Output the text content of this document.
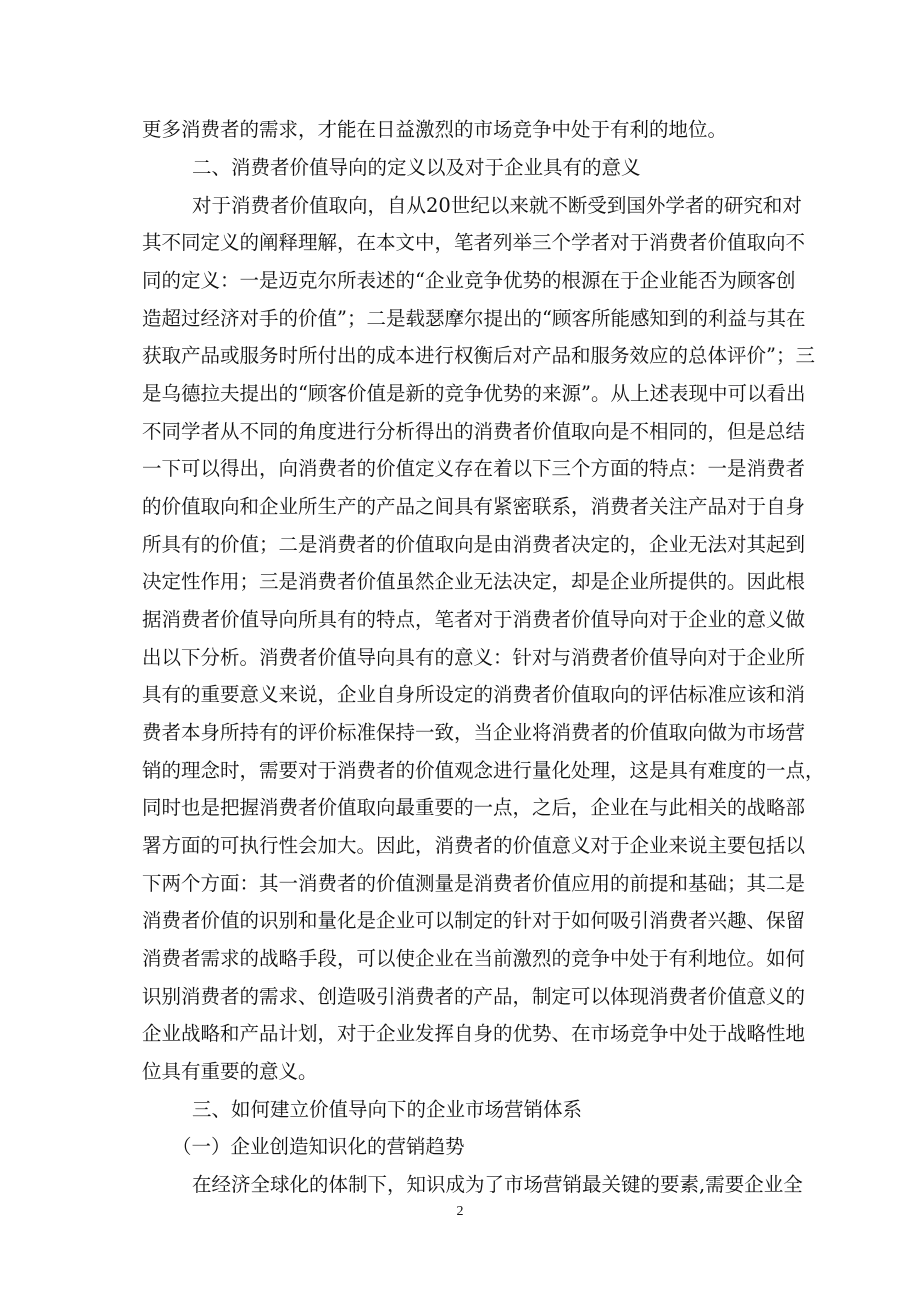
更多消费者的需求，才能在日益激烈的市场竞争中处于有利的地位。
二、消费者价值导向的定义以及对于企业具有的意义
对于消费者价值取向，自从20世纪以来就不断受到国外学者的研究和对
其不同定义的阐释理解，在本文中，笔者列举三个学者对于消费者价值取向不
同的定义：一是迈克尔所表述的“企业竞争优势的根源在于企业能否为顾客创
造超过经济对手的价值”；二是载瑟摩尔提出的“顾客所能感知到的利益与其在
获取产品或服务时所付出的成本进行权衡后对产品和服务效应的总体评价”；三
是乌德拉夫提出的“顾客价值是新的竞争优势的来源”。从上述表现中可以看出
不同学者从不同的角度进行分析得出的消费者价值取向是不相同的，但是总结
一下可以得出，向消费者的价值定义存在着以下三个方面的特点：一是消费者
的价值取向和企业所生产的产品之间具有紧密联系，消费者关注产品对于自身
所具有的价值；二是消费者的价值取向是由消费者决定的，企业无法对其起到
决定性作用；三是消费者价值虽然企业无法决定，却是企业所提供的。因此根
据消费者价值导向所具有的特点，笔者对于消费者价值导向对于企业的意义做
出以下分析。消费者价值导向具有的意义：针对与消费者价值导向对于企业所
具有的重要意义来说，企业自身所设定的消费者价值取向的评估标准应该和消
费者本身所持有的评价标准保持一致，当企业将消费者的价值取向做为市场营
销的理念时，需要对于消费者的价值观念进行量化处理，这是具有难度的一点，
同时也是把握消费者价值取向最重要的一点，之后，企业在与此相关的战略部
署方面的可执行性会加大。因此，消费者的价值意义对于企业来说主要包括以
下两个方面：其一消费者的价值测量是消费者价值应用的前提和基础；其二是
消费者价值的识别和量化是企业可以制定的针对于如何吸引消费者兴趣、保留
消费者需求的战略手段，可以使企业在当前激烈的竞争中处于有利地位。如何
识别消费者的需求、创造吸引消费者的产品，制定可以体现消费者价值意义的
企业战略和产品计划，对于企业发挥自身的优势、在市场竞争中处于战略性地
位具有重要的意义。
三、如何建立价值导向下的企业市场营销体系
（一）企业创造知识化的营销趋势
在经济全球化的体制下，知识成为了市场营销最关键的要素,需要企业全
2
